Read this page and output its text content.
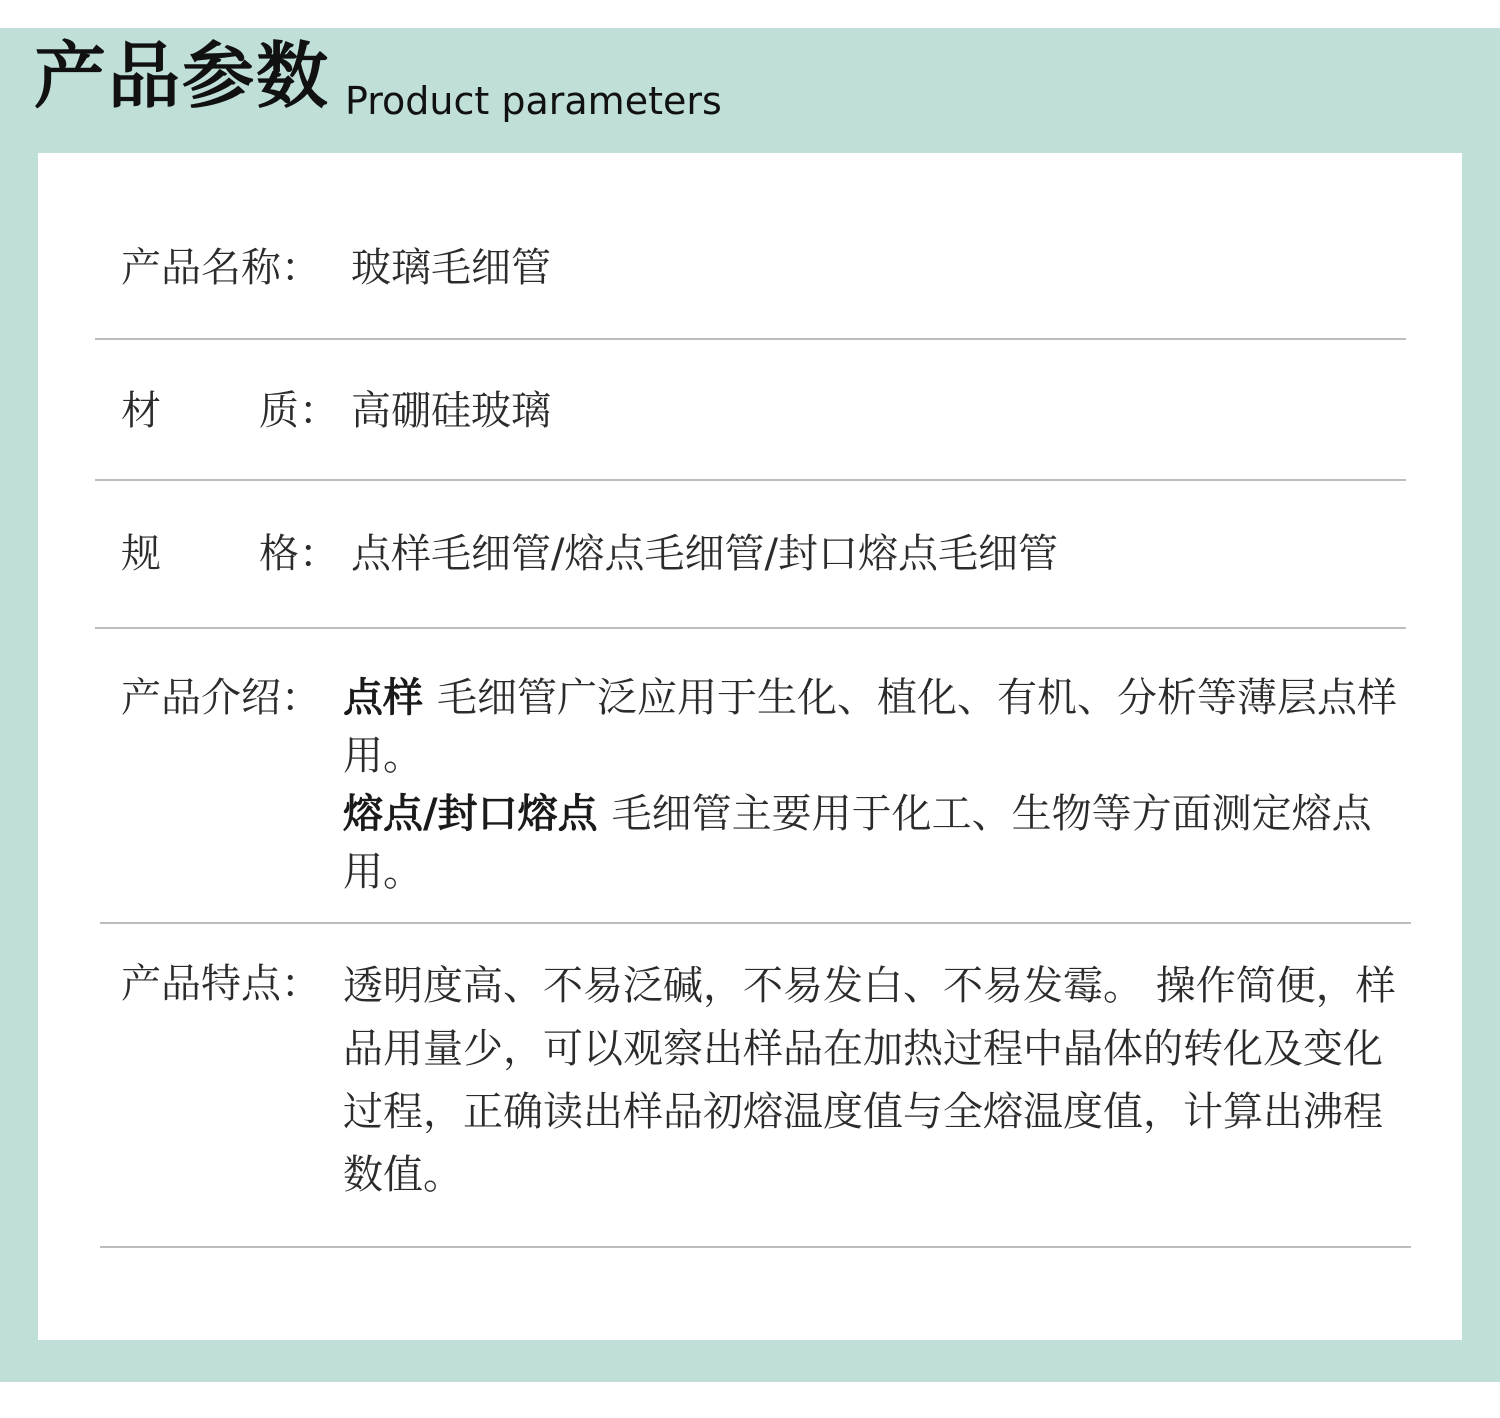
产品参数 Product parameters
产品名称： 玻璃毛细管
材 质： 高硼硅玻璃
规 格： 点样毛细管/熔点毛细管/封口熔点毛细管
产品介绍： 点样 毛细管广泛应用于生化、植化、有机、分析等薄层点样用。
熔点/封口熔点 毛细管主要用于化工、生物等方面测定熔点用。
产品特点： 透明度高、不易泛碱，不易发白、不易发霉。 操作简便，样品用量少，可以观察出样品在加热过程中晶体的转化及变化过程，正确读出样品初熔温度值与全熔温度值，计算出沸程数值。
